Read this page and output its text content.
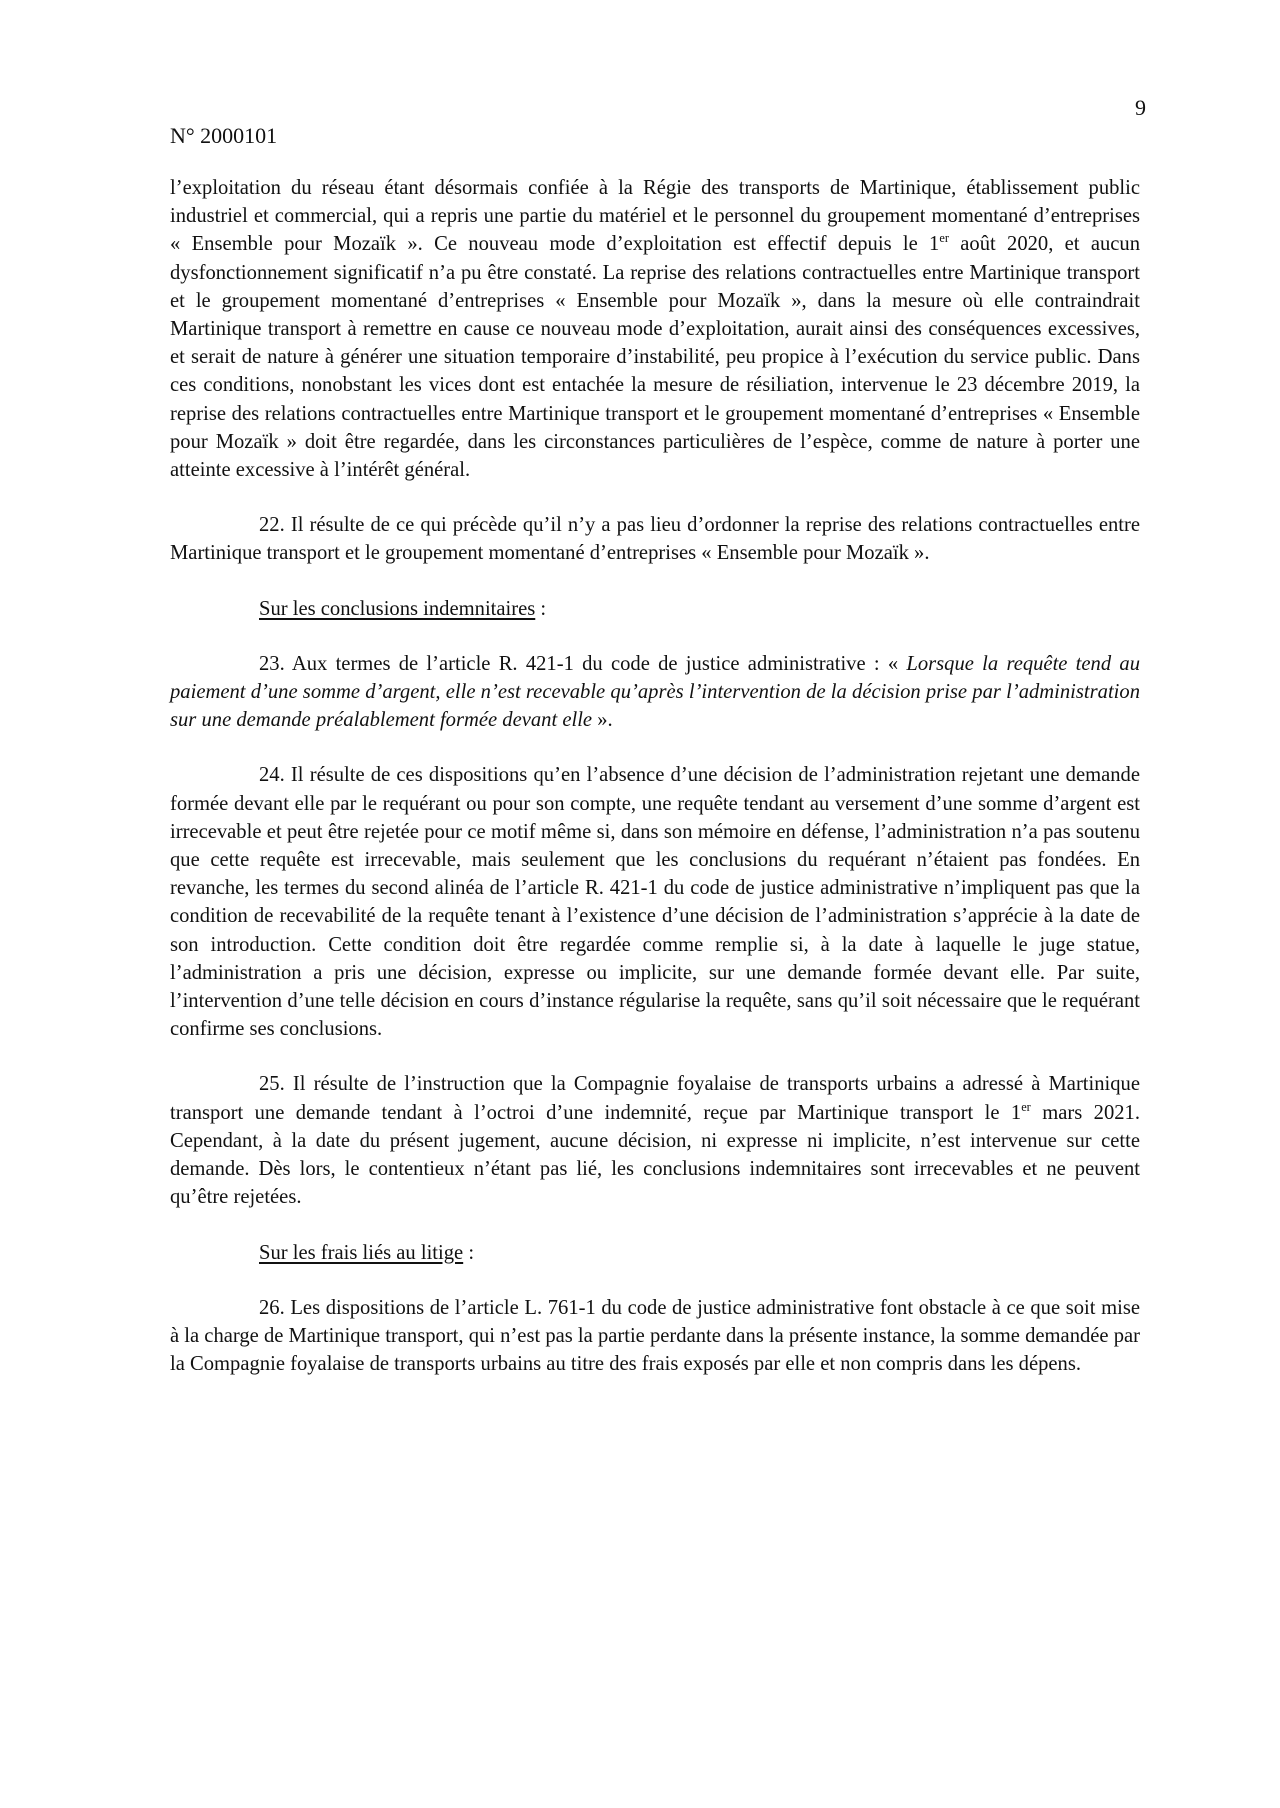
9
N° 2000101

l’exploitation du réseau étant désormais confiée à la Régie des transports de Martinique, établissement public industriel et commercial, qui a repris une partie du matériel et le personnel du groupement momentané d’entreprises « Ensemble pour Mozaïk ». Ce nouveau mode d’exploitation est effectif depuis le 1er août 2020, et aucun dysfonctionnement significatif n’a pu être constaté. La reprise des relations contractuelles entre Martinique transport et le groupement momentané d’entreprises « Ensemble pour Mozaïk », dans la mesure où elle contraindrait Martinique transport à remettre en cause ce nouveau mode d’exploitation, aurait ainsi des conséquences excessives, et serait de nature à générer une situation temporaire d’instabilité, peu propice à l’exécution du service public. Dans ces conditions, nonobstant les vices dont est entachée la mesure de résiliation, intervenue le 23 décembre 2019, la reprise des relations contractuelles entre Martinique transport et le groupement momentané d’entreprises « Ensemble pour Mozaïk » doit être regardée, dans les circonstances particulières de l’espèce, comme de nature à porter une atteinte excessive à l’intérêt général.

22. Il résulte de ce qui précède qu’il n’y a pas lieu d’ordonner la reprise des relations contractuelles entre Martinique transport et le groupement momentané d’entreprises « Ensemble pour Mozaïk ».

Sur les conclusions indemnitaires :

23. Aux termes de l’article R. 421-1 du code de justice administrative : « Lorsque la requête tend au paiement d’une somme d’argent, elle n’est recevable qu’après l’intervention de la décision prise par l’administration sur une demande préalablement formée devant elle ».

24. Il résulte de ces dispositions qu’en l’absence d’une décision de l’administration rejetant une demande formée devant elle par le requérant ou pour son compte, une requête tendant au versement d’une somme d’argent est irrecevable et peut être rejetée pour ce motif même si, dans son mémoire en défense, l’administration n’a pas soutenu que cette requête est irrecevable, mais seulement que les conclusions du requérant n’étaient pas fondées. En revanche, les termes du second alinéa de l’article R. 421-1 du code de justice administrative n’impliquent pas que la condition de recevabilité de la requête tenant à l’existence d’une décision de l’administration s’apprécie à la date de son introduction. Cette condition doit être regardée comme remplie si, à la date à laquelle le juge statue, l’administration a pris une décision, expresse ou implicite, sur une demande formée devant elle. Par suite, l’intervention d’une telle décision en cours d’instance régularise la requête, sans qu’il soit nécessaire que le requérant confirme ses conclusions.

25. Il résulte de l’instruction que la Compagnie foyalaise de transports urbains a adressé à Martinique transport une demande tendant à l’octroi d’une indemnité, reçue par Martinique transport le 1er mars 2021. Cependant, à la date du présent jugement, aucune décision, ni expresse ni implicite, n’est intervenue sur cette demande. Dès lors, le contentieux n’étant pas lié, les conclusions indemnitaires sont irrecevables et ne peuvent qu’être rejetées.

Sur les frais liés au litige :

26. Les dispositions de l’article L. 761-1 du code de justice administrative font obstacle à ce que soit mise à la charge de Martinique transport, qui n’est pas la partie perdante dans la présente instance, la somme demandée par la Compagnie foyalaise de transports urbains au titre des frais exposés par elle et non compris dans les dépens.
